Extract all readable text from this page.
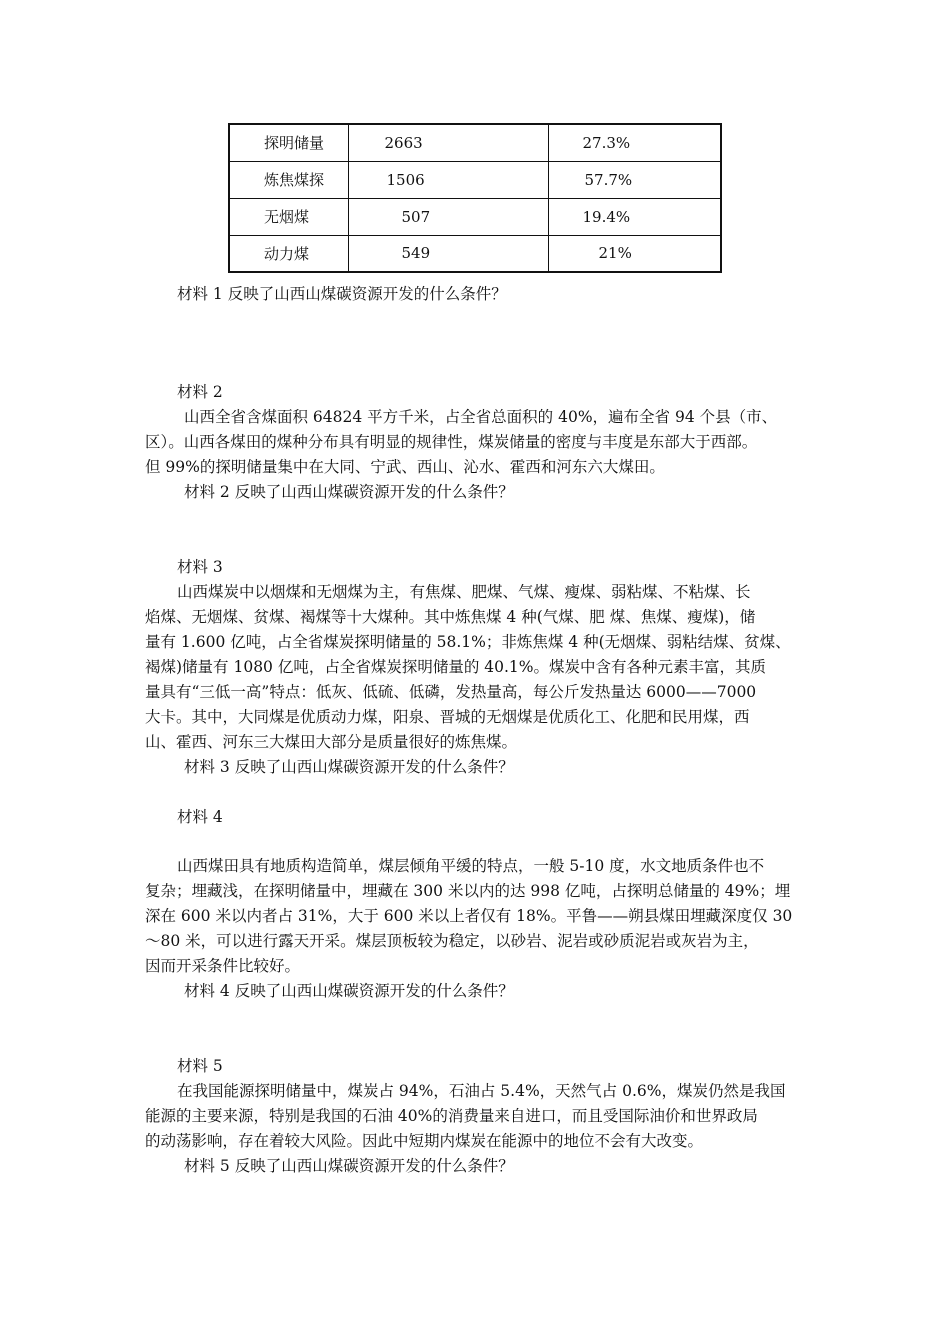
探明储量	2663	27.3%
炼焦煤探	1506	57.7%
无烟煤	507	19.4%
动力煤	549	21%
材料 1 反映了山西山煤碳资源开发的什么条件？
材料 2
山西全省含煤面积 64824 平方千米，占全省总面积的 40%，遍布全省 94 个县（市、
区）。山西各煤田的煤种分布具有明显的规律性，煤炭储量的密度与丰度是东部大于西部。
但 99%的探明储量集中在大同、宁武、西山、沁水、霍西和河东六大煤田。
材料 2 反映了山西山煤碳资源开发的什么条件？
材料 3
山西煤炭中以烟煤和无烟煤为主，有焦煤、肥煤、气煤、瘦煤、弱粘煤、不粘煤、长
焰煤、无烟煤、贫煤、褐煤等十大煤种。其中炼焦煤 4 种(气煤、肥 煤、焦煤、瘦煤)，储
量有 1.600 亿吨，占全省煤炭探明储量的 58.1%；非炼焦煤 4 种(无烟煤、弱粘结煤、贫煤、
褐煤)储量有 1080 亿吨，占全省煤炭探明储量的 40.1%。煤炭中含有各种元素丰富，其质
量具有“三低一高”特点：低灰、低硫、低磷，发热量高，每公斤发热量达 6000——7000
大卡。其中，大同煤是优质动力煤，阳泉、晋城的无烟煤是优质化工、化肥和民用煤，西
山、霍西、河东三大煤田大部分是质量很好的炼焦煤。
材料 3 反映了山西山煤碳资源开发的什么条件？
材料 4
山西煤田具有地质构造简单，煤层倾角平缓的特点，一般 5-10 度，水文地质条件也不
复杂；埋藏浅，在探明储量中，埋藏在 300 米以内的达 998 亿吨，占探明总储量的 49%；埋
深在 600 米以内者占 31%，大于 600 米以上者仅有 18%。平鲁——朔县煤田埋藏深度仅 30
～80 米，可以进行露天开采。煤层顶板较为稳定，以砂岩、泥岩或砂质泥岩或灰岩为主，
因而开采条件比较好。
材料 4 反映了山西山煤碳资源开发的什么条件？
材料 5
在我国能源探明储量中，煤炭占 94%，石油占 5.4%，天然气占 0.6%，煤炭仍然是我国
能源的主要来源，特别是我国的石油 40%的消费量来自进口，而且受国际油价和世界政局
的动荡影响，存在着较大风险。因此中短期内煤炭在能源中的地位不会有大改变。
材料 5 反映了山西山煤碳资源开发的什么条件？
